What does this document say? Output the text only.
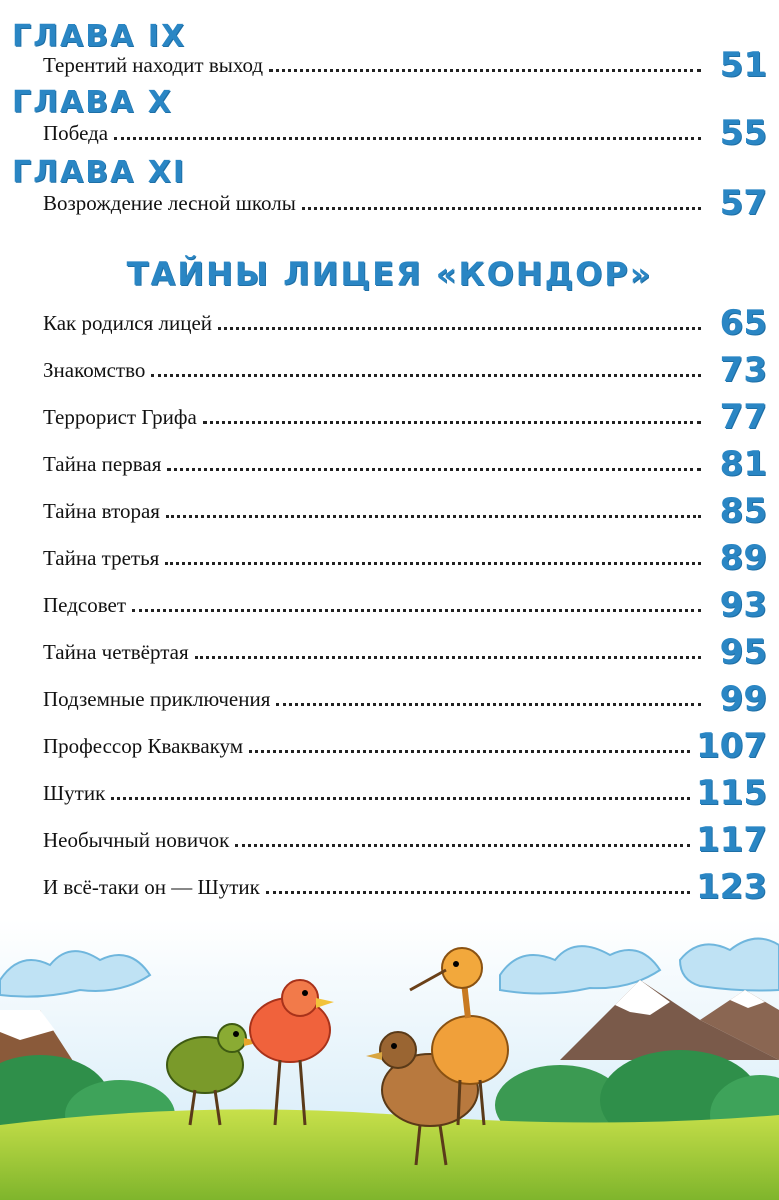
ГЛАВА IX
Терентий находит выход	51
ГЛАВА X
Победа	55
ГЛАВА XI
Возрождение лесной школы	57
ТАЙНЫ ЛИЦЕЯ «КОНДОР»
Как родился лицей	65
Знакомство	73
Террорист Грифа	77
Тайна первая	81
Тайна вторая	85
Тайна третья	89
Педсовет	93
Тайна четвёртая	95
Подземные приключения	99
Профессор Кваквакум	107
Шутик	115
Необычный новичок	117
И всё-таки он — Шутик	123
